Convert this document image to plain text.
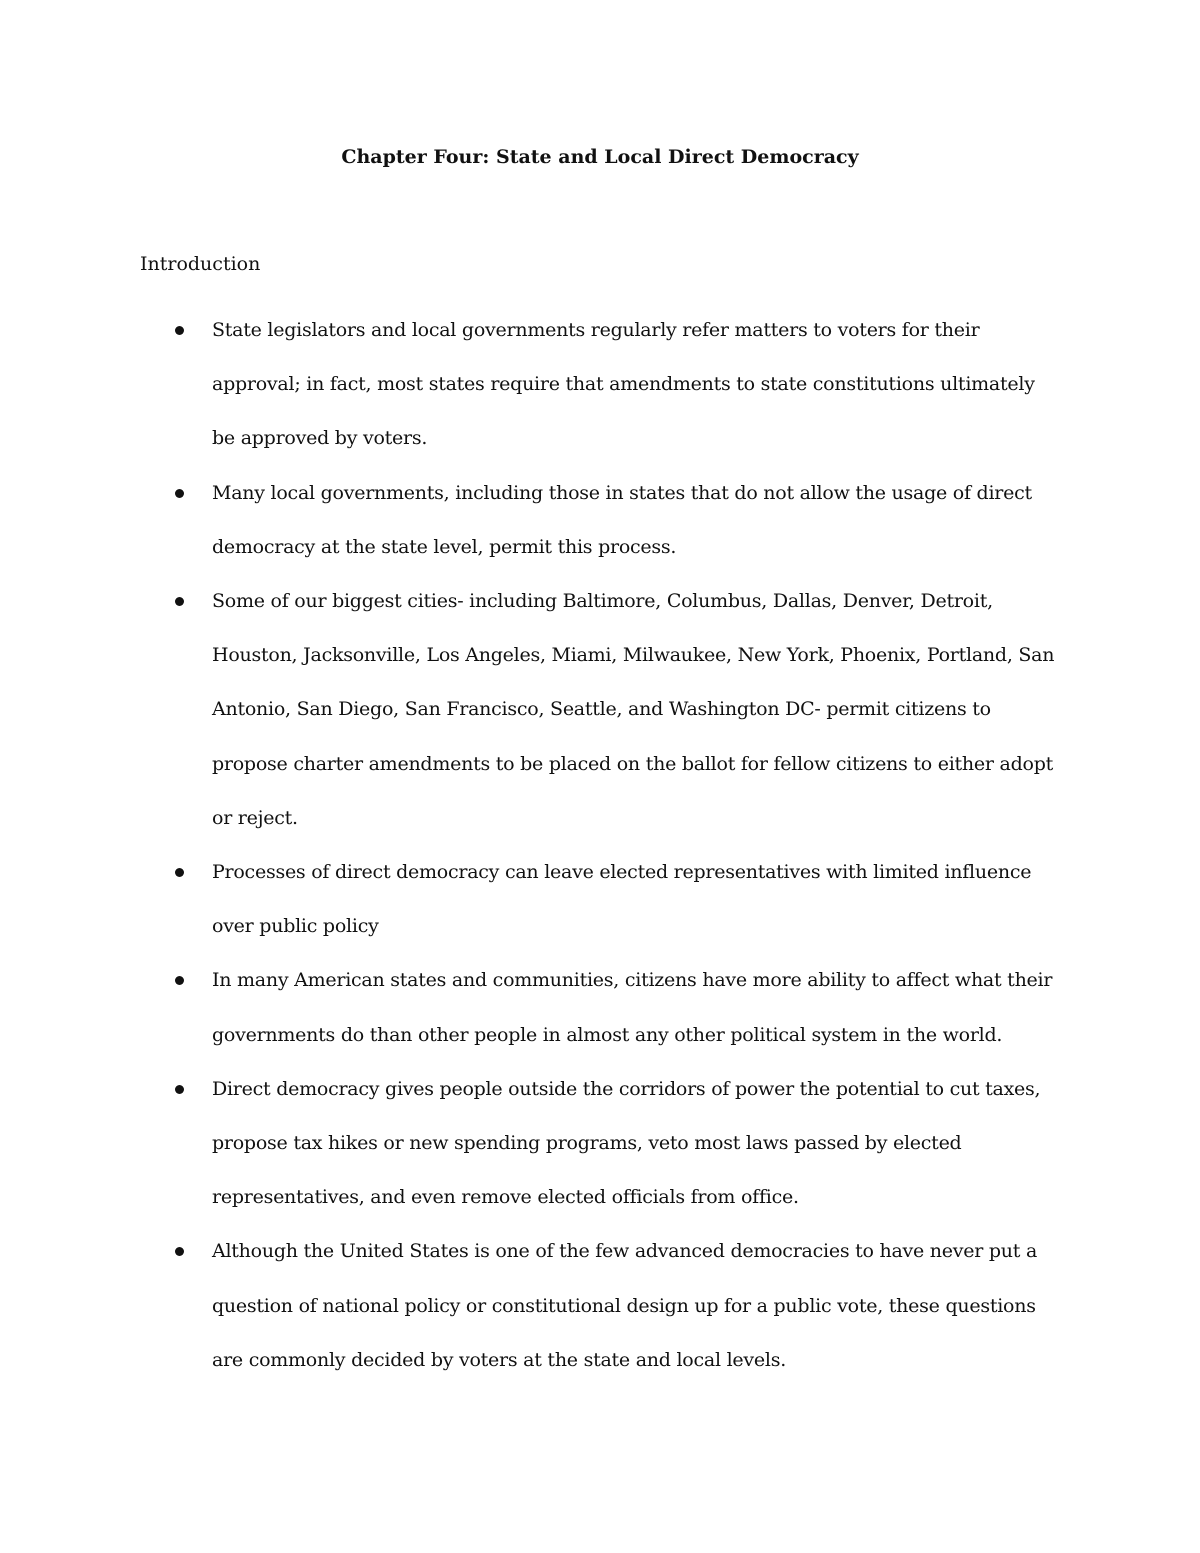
Chapter Four: State and Local Direct Democracy
Introduction
State legislators and local governments regularly refer matters to voters for their approval; in fact, most states require that amendments to state constitutions ultimately be approved by voters.
Many local governments, including those in states that do not allow the usage of direct democracy at the state level, permit this process.
Some of our biggest cities- including Baltimore, Columbus, Dallas, Denver, Detroit, Houston, Jacksonville, Los Angeles, Miami, Milwaukee, New York, Phoenix, Portland, San Antonio, San Diego, San Francisco, Seattle, and Washington DC- permit citizens to propose charter amendments to be placed on the ballot for fellow citizens to either adopt or reject.
Processes of direct democracy can leave elected representatives with limited influence over public policy
In many American states and communities, citizens have more ability to affect what their governments do than other people in almost any other political system in the world.
Direct democracy gives people outside the corridors of power the potential to cut taxes, propose tax hikes or new spending programs, veto most laws passed by elected representatives, and even remove elected officials from office.
Although the United States is one of the few advanced democracies to have never put a question of national policy or constitutional design up for a public vote, these questions are commonly decided by voters at the state and local levels.
